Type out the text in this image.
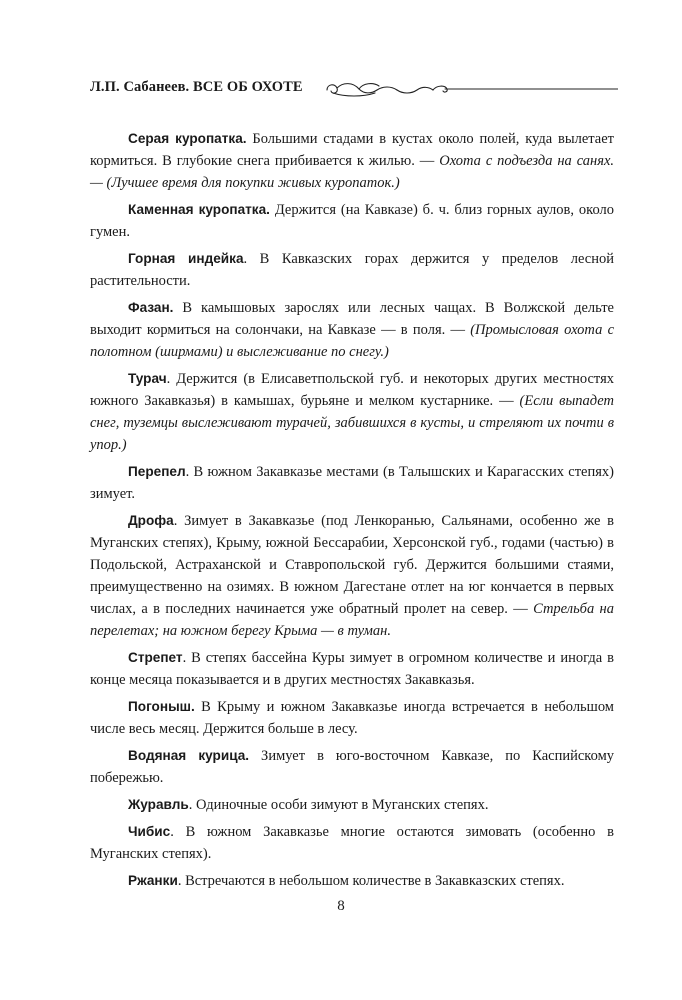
Л.П. Сабанеев. ВСЕ ОБ ОХОТЕ

Серая куропатка. Большими стадами в кустах около полей, куда вылетает кормиться. В глубокие снега прибивается к жилью. — Охота с подъезда на санях. — (Лучшее время для покупки живых куропаток.)

Каменная куропатка. Держится (на Кавказе) б. ч. близ горных аулов, около гумен.

Горная индейка. В Кавказских горах держится у пределов лесной растительности.

Фазан. В камышовых зарослях или лесных чащах. В Волжской дельте выходит кормиться на солончаки, на Кавказе — в поля. — (Промысловая охота с полотном (ширмами) и выслеживание по снегу.)

Турач. Держится (в Елисаветпольской губ. и некоторых других местностях южного Закавказья) в камышах, бурьяне и мелком кустарнике. — (Если выпадет снег, туземцы выслеживают турачей, забившихся в кусты, и стреляют их почти в упор.)

Перепел. В южном Закавказье местами (в Талышских и Карагасских степях) зимует.

Дрофа. Зимует в Закавказье (под Ленкоранью, Сальянами, особенно же в Муганских степях), Крыму, южной Бессарабии, Херсонской губ., годами (частью) в Подольской, Астраханской и Ставропольской губ. Держится большими стаями, преимущественно на озимях. В южном Дагестане отлет на юг кончается в первых числах, а в последних начинается уже обратный пролет на север. — Стрельба на перелетах; на южном берегу Крыма — в туман.

Стрепет. В степях бассейна Куры зимует в огромном количестве и иногда в конце месяца показывается и в других местностях Закавказья.

Погоныш. В Крыму и южном Закавказье иногда встречается в небольшом числе весь месяц. Держится больше в лесу.

Водяная курица. Зимует в юго-восточном Кавказе, по Каспийскому побережью.

Журавль. Одиночные особи зимуют в Муганских степях.

Чибис. В южном Закавказье многие остаются зимовать (особенно в Муганских степях).

Ржанки. Встречаются в небольшом количестве в Закавказских степях.

8
